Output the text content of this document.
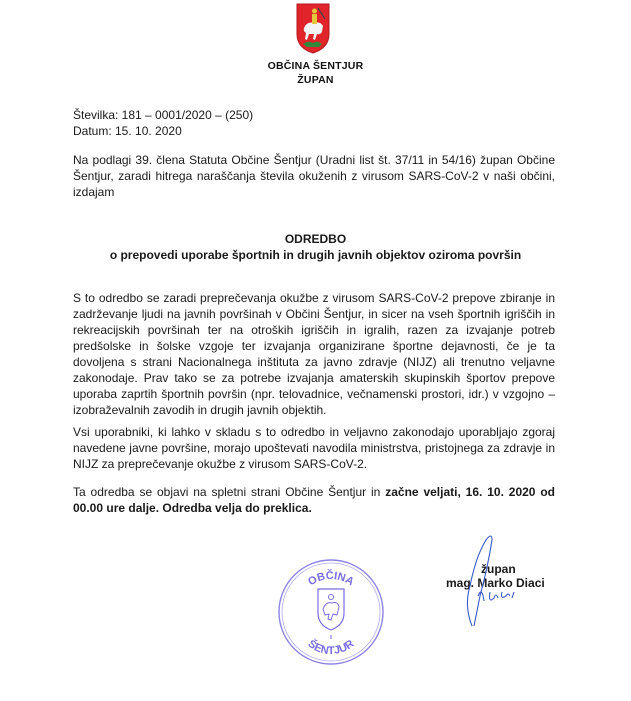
OBČINA ŠENTJUR
ŽUPAN
Številka: 181 – 0001/2020 – (250)
Datum: 15. 10. 2020
Na podlagi 39. člena Statuta Občine Šentjur (Uradni list št. 37/11 in 54/16) župan Občine Šentjur, zaradi hitrega naraščanja števila okuženih z virusom SARS-CoV-2 v naši občini, izdajam
ODREDBO
o prepovedi uporabe športnih in drugih javnih objektov oziroma površin
S to odredbo se zaradi preprečevanja okužbe z virusom SARS-CoV-2 prepove zbiranje in zadrževanje ljudi na javnih površinah v Občini Šentjur, in sicer na vseh športnih igriščih in rekreacijskih površinah ter na otroških igriščih in igralih, razen za izvajanje potreb predšolske in šolske vzgoje ter izvajanja organizirane športne dejavnosti, če je ta dovoljena s strani Nacionalnega inštituta za javno zdravje (NIJZ) ali trenutno veljavne zakonodaje. Prav tako se za potrebe izvajanja amaterskih skupinskih športov prepove uporaba zaprtih športnih površin (npr. telovadnice, večnamenski prostori, idr.) v vzgojno – izobraževalnih zavodih in drugih javnih objektih.
Vsi uporabniki, ki lahko v skladu s to odredbo in veljavno zakonodajo uporabljajo zgoraj navedene javne površine, morajo upoštevati navodila ministrstva, pristojnega za zdravje in NIJZ za preprečevanje okužbe z virusom SARS-CoV-2.
Ta odredba se objavi na spletni strani Občine Šentjur in začne veljati, 16. 10. 2020 od 00.00 ure dalje. Odredba velja do preklica.
OBČINA
ŠENTJUR
župan
mag. Marko Diaci
